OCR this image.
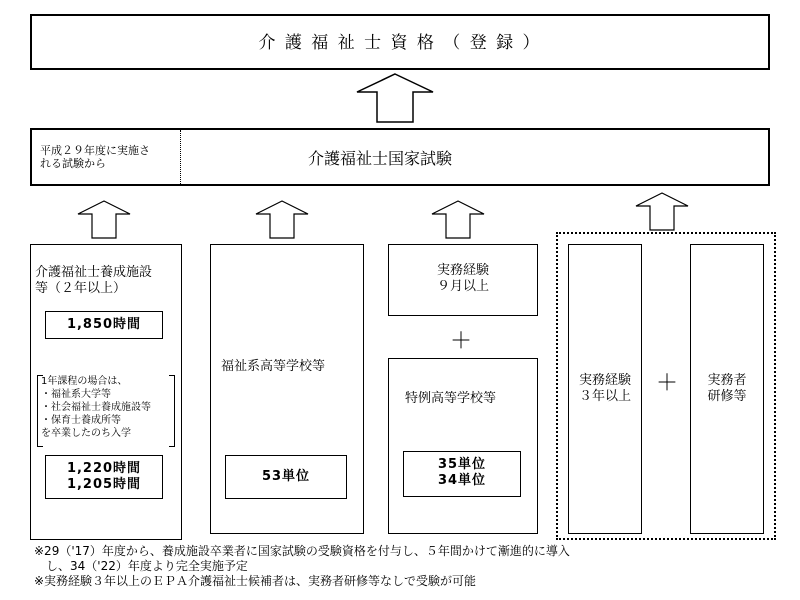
介 護 福 祉 士 資 格 （ 登 録 ）
平成２９年度に実施さ
れる試験から	介護福祉士国家試験
介護福祉士養成施設
等（２年以上）
1,850時間
1年課程の場合は、
・福祉系大学等
・社会福祉士養成施設等
・保育士養成所等
を卒業したのち入学
1,220時間
1,205時間
福祉系高等学校等
53単位
実務経験
９月以上
＋
特例高等学校等
35単位
34単位
実務経験
３年以上
＋	実務者
研修等
※29（'17）年度から、養成施設卒業者に国家試験の受験資格を付与し、５年間かけて漸進的に導入
　し、34（'22）年度より完全実施予定
※実務経験３年以上のＥＰＡ介護福祉士候補者は、実務者研修等なしで受験が可能
